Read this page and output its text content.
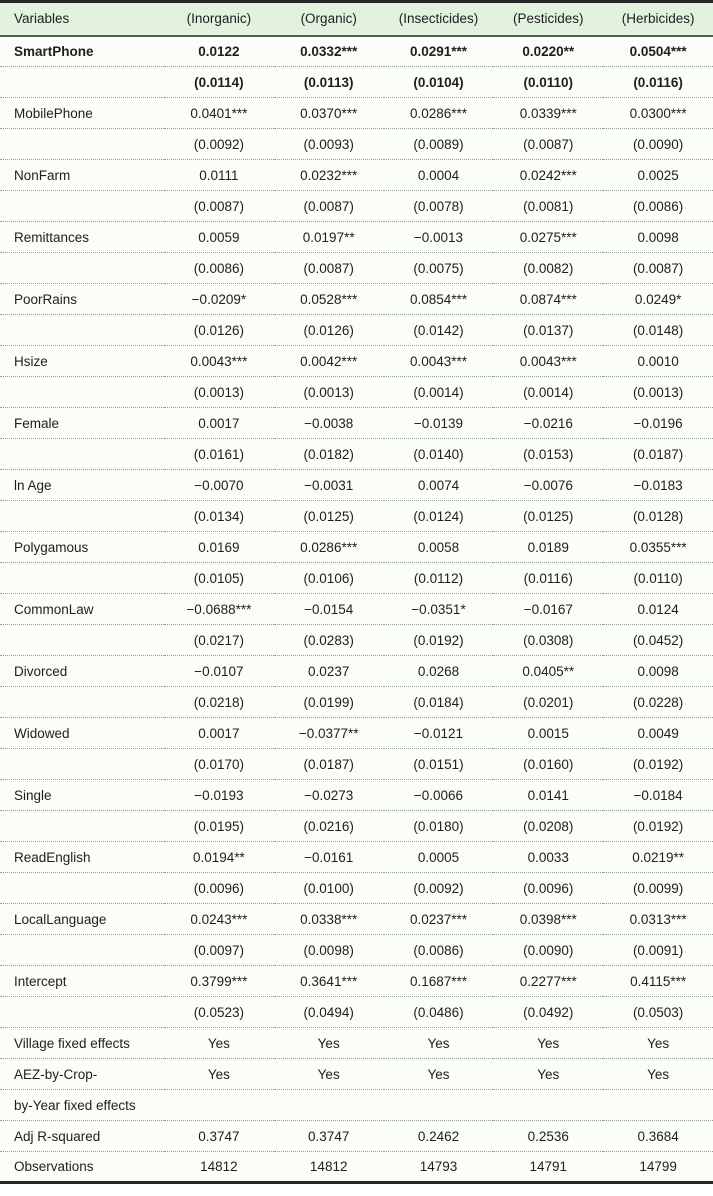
Variables	(Inorganic)	(Organic)	(Insecticides)	(Pesticides)	(Herbicides)
SmartPhone	0.0122	0.0332***	0.0291***	0.0220**	0.0504***
	(0.0114)	(0.0113)	(0.0104)	(0.0110)	(0.0116)
MobilePhone	0.0401***	0.0370***	0.0286***	0.0339***	0.0300***
	(0.0092)	(0.0093)	(0.0089)	(0.0087)	(0.0090)
NonFarm	0.0111	0.0232***	0.0004	0.0242***	0.0025
	(0.0087)	(0.0087)	(0.0078)	(0.0081)	(0.0086)
Remittances	0.0059	0.0197**	−0.0013	0.0275***	0.0098
	(0.0086)	(0.0087)	(0.0075)	(0.0082)	(0.0087)
PoorRains	−0.0209*	0.0528***	0.0854***	0.0874***	0.0249*
	(0.0126)	(0.0126)	(0.0142)	(0.0137)	(0.0148)
Hsize	0.0043***	0.0042***	0.0043***	0.0043***	0.0010
	(0.0013)	(0.0013)	(0.0014)	(0.0014)	(0.0013)
Female	0.0017	−0.0038	−0.0139	−0.0216	−0.0196
	(0.0161)	(0.0182)	(0.0140)	(0.0153)	(0.0187)
ln Age	−0.0070	−0.0031	0.0074	−0.0076	−0.0183
	(0.0134)	(0.0125)	(0.0124)	(0.0125)	(0.0128)
Polygamous	0.0169	0.0286***	0.0058	0.0189	0.0355***
	(0.0105)	(0.0106)	(0.0112)	(0.0116)	(0.0110)
CommonLaw	−0.0688***	−0.0154	−0.0351*	−0.0167	0.0124
	(0.0217)	(0.0283)	(0.0192)	(0.0308)	(0.0452)
Divorced	−0.0107	0.0237	0.0268	0.0405**	0.0098
	(0.0218)	(0.0199)	(0.0184)	(0.0201)	(0.0228)
Widowed	0.0017	−0.0377**	−0.0121	0.0015	0.0049
	(0.0170)	(0.0187)	(0.0151)	(0.0160)	(0.0192)
Single	−0.0193	−0.0273	−0.0066	0.0141	−0.0184
	(0.0195)	(0.0216)	(0.0180)	(0.0208)	(0.0192)
ReadEnglish	0.0194**	−0.0161	0.0005	0.0033	0.0219**
	(0.0096)	(0.0100)	(0.0092)	(0.0096)	(0.0099)
LocalLanguage	0.0243***	0.0338***	0.0237***	0.0398***	0.0313***
	(0.0097)	(0.0098)	(0.0086)	(0.0090)	(0.0091)
Intercept	0.3799***	0.3641***	0.1687***	0.2277***	0.4115***
	(0.0523)	(0.0494)	(0.0486)	(0.0492)	(0.0503)
Village fixed effects	Yes	Yes	Yes	Yes	Yes
AEZ-by-Crop-	Yes	Yes	Yes	Yes	Yes
by-Year fixed effects					
Adj R-squared	0.3747	0.3747	0.2462	0.2536	0.3684
Observations	14812	14812	14793	14791	14799
